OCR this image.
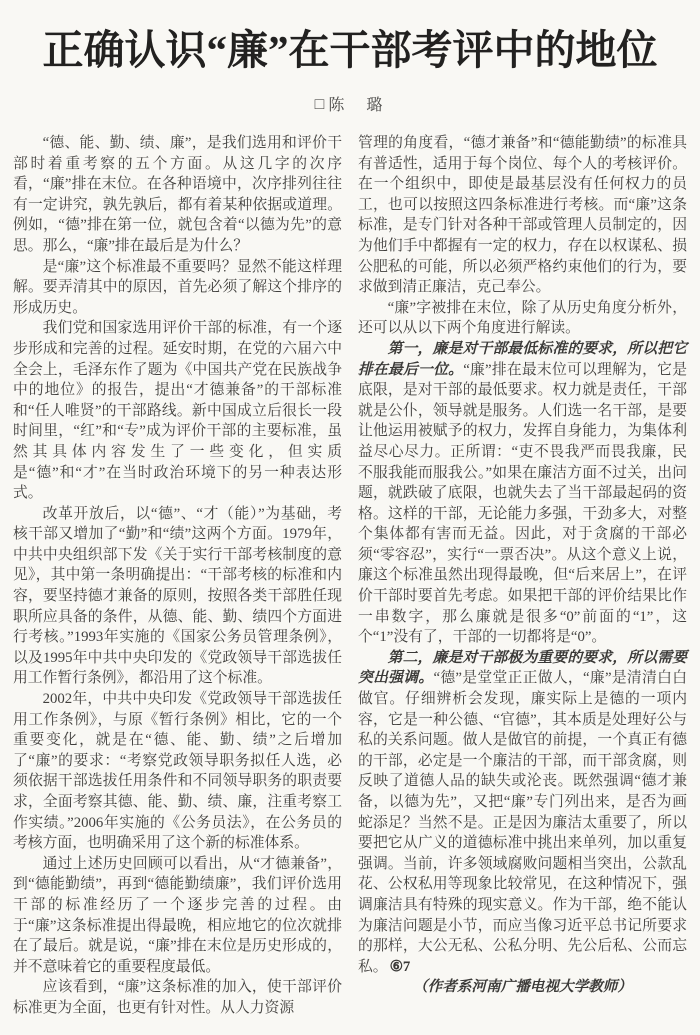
正确认识“廉”在干部考评中的地位
□ 陈　璐

“德、能、勤、绩、廉”，是我们选用和评价干部时着重考察的五个方面。从这几字的次序看，“廉”排在末位。在各种语境中，次序排列往往有一定讲究，孰先孰后，都有着某种依据或道理。例如，“德”排在第一位，就包含着“以德为先”的意思。那么，“廉”排在最后是为什么？

是“廉”这个标准最不重要吗？显然不能这样理解。要弄清其中的原因，首先必须了解这个排序的形成历史。

我们党和国家选用评价干部的标准，有一个逐步形成和完善的过程。延安时期，在党的六届六中全会上，毛泽东作了题为《中国共产党在民族战争中的地位》的报告，提出“才德兼备”的干部标准和“任人唯贤”的干部路线。新中国成立后很长一段时间里，“红”和“专”成为评价干部的主要标准，虽然其具体内容发生了一些变化，但实质是“德”和“才”在当时政治环境下的另一种表达形式。

改革开放后，以“德”、“才（能）”为基础，考核干部又增加了“勤”和“绩”这两个方面。1979年，中共中央组织部下发《关于实行干部考核制度的意见》，其中第一条明确提出：“干部考核的标准和内容，要坚持德才兼备的原则，按照各类干部胜任现职所应具备的条件，从德、能、勤、绩四个方面进行考核。”1993年实施的《国家公务员管理条例》，以及1995年中共中央印发的《党政领导干部选拔任用工作暂行条例》，都沿用了这个标准。

2002年，中共中央印发《党政领导干部选拔任用工作条例》，与原《暂行条例》相比，它的一个重要变化，就是在“德、能、勤、绩”之后增加了“廉”的要求：“考察党政领导职务拟任人选，必须依据干部选拔任用条件和不同领导职务的职责要求，全面考察其德、能、勤、绩、廉，注重考察工作实绩。”2006年实施的《公务员法》，在公务员的考核方面，也明确采用了这个新的标准体系。

通过上述历史回顾可以看出，从“才德兼备”，到“德能勤绩”，再到“德能勤绩廉”，我们评价选用干部的标准经历了一个逐步完善的过程。由于“廉”这条标准提出得最晚，相应地它的位次就排在了最后。就是说，“廉”排在末位是历史形成的，并不意味着它的重要程度最低。

应该看到，“廉”这条标准的加入，使干部评价标准更为全面，也更有针对性。从人力资源

管理的角度看，“德才兼备”和“德能勤绩”的标准具有普适性，适用于每个岗位、每个人的考核评价。在一个组织中，即使是最基层没有任何权力的员工，也可以按照这四条标准进行考核。而“廉”这条标准，是专门针对各种干部或管理人员制定的，因为他们手中都握有一定的权力，存在以权谋私、损公肥私的可能，所以必须严格约束他们的行为，要求做到清正廉洁，克己奉公。

“廉”字被排在末位，除了从历史角度分析外，还可以从以下两个角度进行解读。

第一，廉是对干部最低标准的要求，所以把它排在最后一位。“廉”排在最末位可以理解为，它是底限，是对干部的最低要求。权力就是责任，干部就是公仆，领导就是服务。人们选一名干部，是要让他运用被赋予的权力，发挥自身能力，为集体利益尽心尽力。正所谓：“吏不畏我严而畏我廉，民不服我能而服我公。”如果在廉洁方面不过关，出问题，就跌破了底限，也就失去了当干部最起码的资格。这样的干部，无论能力多强，干劲多大，对整个集体都有害而无益。因此，对于贪腐的干部必须“零容忍”，实行“一票否决”。从这个意义上说，廉这个标准虽然出现得最晚，但“后来居上”，在评价干部时要首先考虑。如果把干部的评价结果比作一串数字，那么廉就是很多“0”前面的“1”，这个“1”没有了，干部的一切都将是“0”。

第二，廉是对干部极为重要的要求，所以需要突出强调。“德”是堂堂正正做人，“廉”是清清白白做官。仔细辨析会发现，廉实际上是德的一项内容，它是一种公德、“官德”，其本质是处理好公与私的关系问题。做人是做官的前提，一个真正有德的干部，必定是一个廉洁的干部，而干部贪腐，则反映了道德人品的缺失或沦丧。既然强调“德才兼备，以德为先”，又把“廉”专门列出来，是否为画蛇添足？当然不是。正是因为廉洁太重要了，所以要把它从广义的道德标准中挑出来单列，加以重复强调。当前，许多领域腐败问题相当突出，公款乱花、公权私用等现象比较常见，在这种情况下，强调廉洁具有特殊的现实意义。作为干部，绝不能认为廉洁问题是小节，而应当像习近平总书记所要求的那样，大公无私、公私分明、先公后私、公而忘私。 ⑥7

（作者系河南广播电视大学教师）
